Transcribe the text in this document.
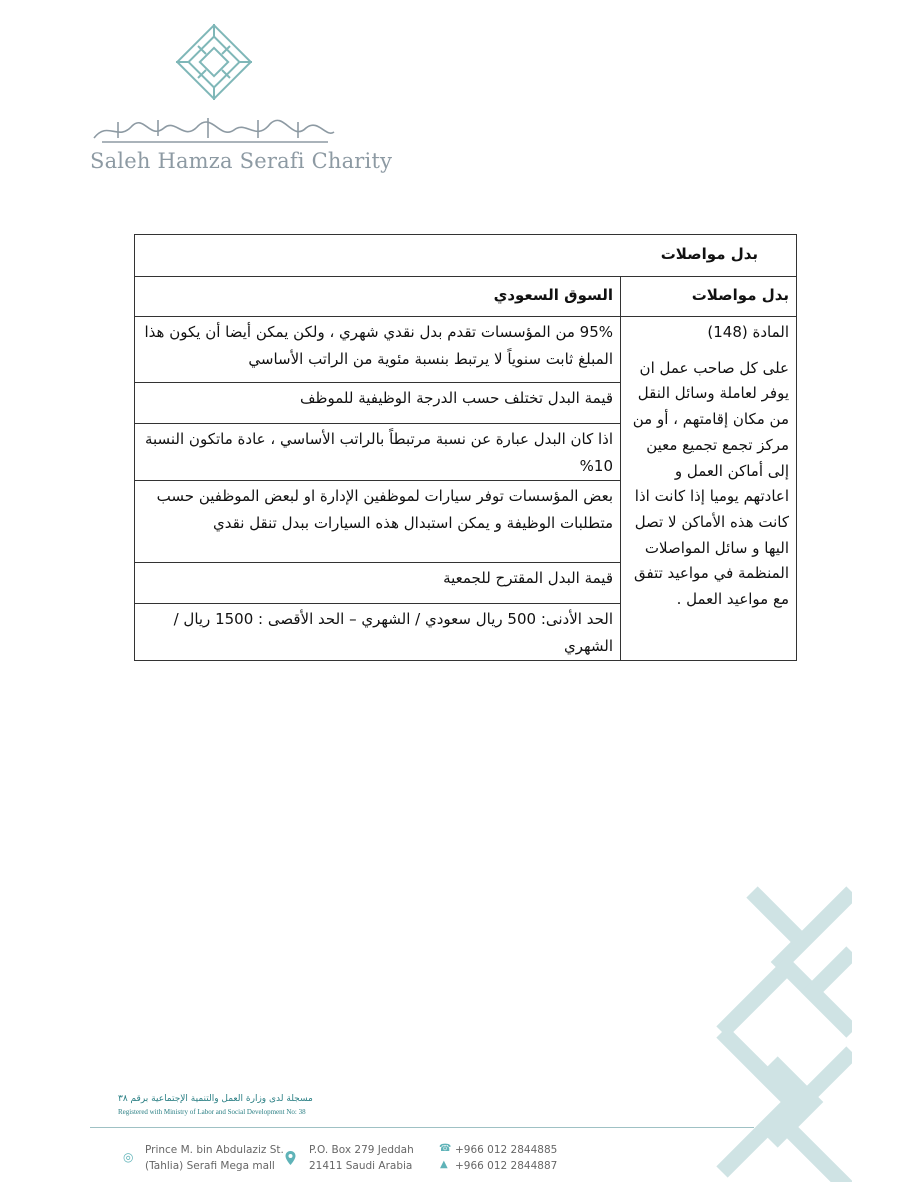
Saleh Hamza Serafi Charity
بدل مواصلات	
بدل مواصلات	السوق السعودي

المادة (148)
على كل صاحب عمل ان يوفر لعاملة وسائل النقل من مكان إقامتهم ، أو من مركز تجمع تجميع معين إلى أماكن العمل و اعادتهم يوميا إذا كانت اذا كانت هذه الأماكن لا تصل اليها و سائل المواصلات المنظمة في مواعيد تتفق مع مواعيد العمل .	95% من المؤسسات تقدم بدل نقدي شهري ، ولكن يمكن أيضا أن يكون هذا المبلغ ثابت سنوياً لا يرتبط بنسبة مئوية من الراتب الأساسي
	قيمة البدل تختلف حسب الدرجة الوظيفية للموظف
	اذا كان البدل عبارة عن نسبة مرتبطاً بالراتب الأساسي ، عادة ماتكون النسبة 10%
	بعض المؤسسات توفر سيارات لموظفين الإدارة او لبعض الموظفين حسب متطلبات الوظيفة و يمكن استبدال هذه السيارات ببدل تنقل نقدي
	قيمة البدل المقترح للجمعية
	الحد الأدنى: 500 ريال سعودي / الشهري – الحد الأقصى : 1500 ريال / الشهري
مسجلة لدى وزارة العمل والتنمية الإجتماعية برقم ٣٨
Registered with Ministry of Labor and Social Development No: 38
◎ Prince M. bin Abdulaziz St.
(Tahlia) Serafi Mega mall
P.O. Box 279 Jeddah
21411 Saudi Arabia
☎
▲
+966 012 2844885
+966 012 2844887
